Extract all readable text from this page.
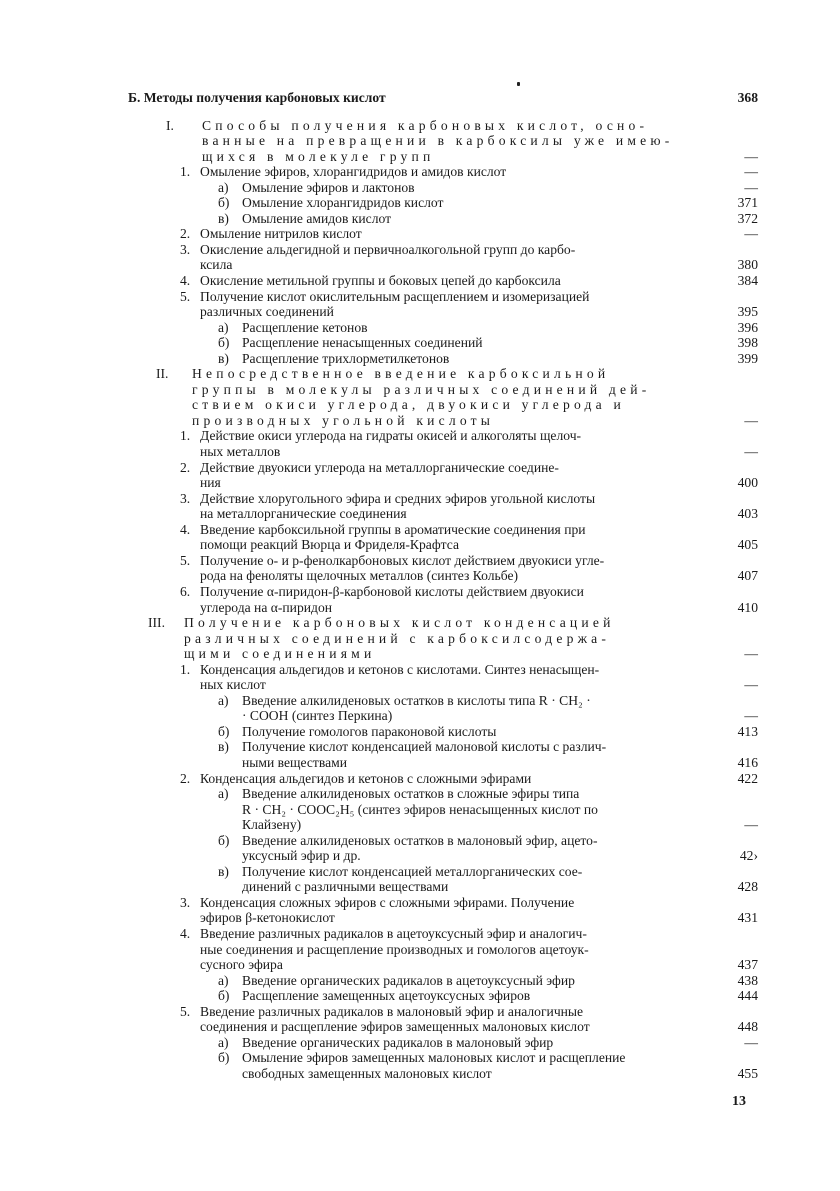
Б. Методы получения карбоновых кислот	368
I. Способы получения карбоновых кислот, осно-
ванные на превращении в карбоксилы уже имею-
щихся в молекуле групп	—
1. Омыление эфиров, хлорангидридов и амидов кислот	—
а) Омыление эфиров и лактонов	—
б) Омыление хлорангидридов кислот	371
в) Омыление амидов кислот	372
2. Омыление нитрилов кислот	—
3. Окисление альдегидной и первичноалкогольной групп до карбо-
ксила	380
4. Окисление метильной группы и боковых цепей до карбоксила	384
5. Получение кислот окислительным расщеплением и изомеризацией
различных соединений	395
а) Расщепление кетонов	396
б) Расщепление ненасыщенных соединений	398
в) Расщепление трихлорметилкетонов	399
II. Непосредственное введение карбоксильной
группы в молекулы различных соединений дей-
ствием окиси углерода, двуокиси углерода и
производных угольной кислоты	—
1. Действие окиси углерода на гидраты окисей и алкоголяты щелоч-
ных металлов	—
2. Действие двуокиси углерода на металлорганические соедине-
ния	400
3. Действие хлоругольного эфира и средних эфиров угольной кислоты
на металлорганические соединения	403
4. Введение карбоксильной группы в ароматические соединения при
помощи реакций Вюрца и Фриделя-Крафтса	405
5. Получение о- и р-фенолкарбоновых кислот действием двуокиси угле-
рода на феноляты щелочных металлов (синтез Кольбе)	407
6. Получение α-пиридон-β-карбоновой кислоты действием двуокиси
углерода на α-пиридон	410
III. Получение карбоновых кислот конденсацией
различных соединений с карбоксилсодержа-
щими соединениями	—
1. Конденсация альдегидов и кетонов с кислотами. Синтез ненасыщен-
ных кислот	—
а) Введение алкилиденовых остатков в кислоты типа R · CH₂ ·
· COOH (синтез Перкина)	—
б) Получение гомологов параконовой кислоты	413
в) Получение кислот конденсацией малоновой кислоты с различ-
ными веществами	416
2. Конденсация альдегидов и кетонов с сложными эфирами	422
а) Введение алкилиденовых остатков в сложные эфиры типа
R · CH₂ · COOC₂H₅ (синтез эфиров ненасыщенных кислот по
Клайзену)	—
б) Введение алкилиденовых остатков в малоновый эфир, ацето-
уксусный эфир и др.	42›
в) Получение кислот конденсацией металлорганических сое-
динений с различными веществами	428
3. Конденсация сложных эфиров с сложными эфирами. Получение
эфиров β-кетонокислот	431
4. Введение различных радикалов в ацетоуксусный эфир и аналогич-
ные соединения и расщепление производных и гомологов ацетоук-
сусного эфира	437
а) Введение органических радикалов в ацетоуксусный эфир	438
б) Расщепление замещенных ацетоуксусных эфиров	444
5. Введение различных радикалов в малоновый эфир и аналогичные
соединения и расщепление эфиров замещенных малоновых кислот	448
а) Введение органических радикалов в малоновый эфир	—
б) Омыление эфиров замещенных малоновых кислот и расщепление
свободных замещенных малоновых кислот	455
13
